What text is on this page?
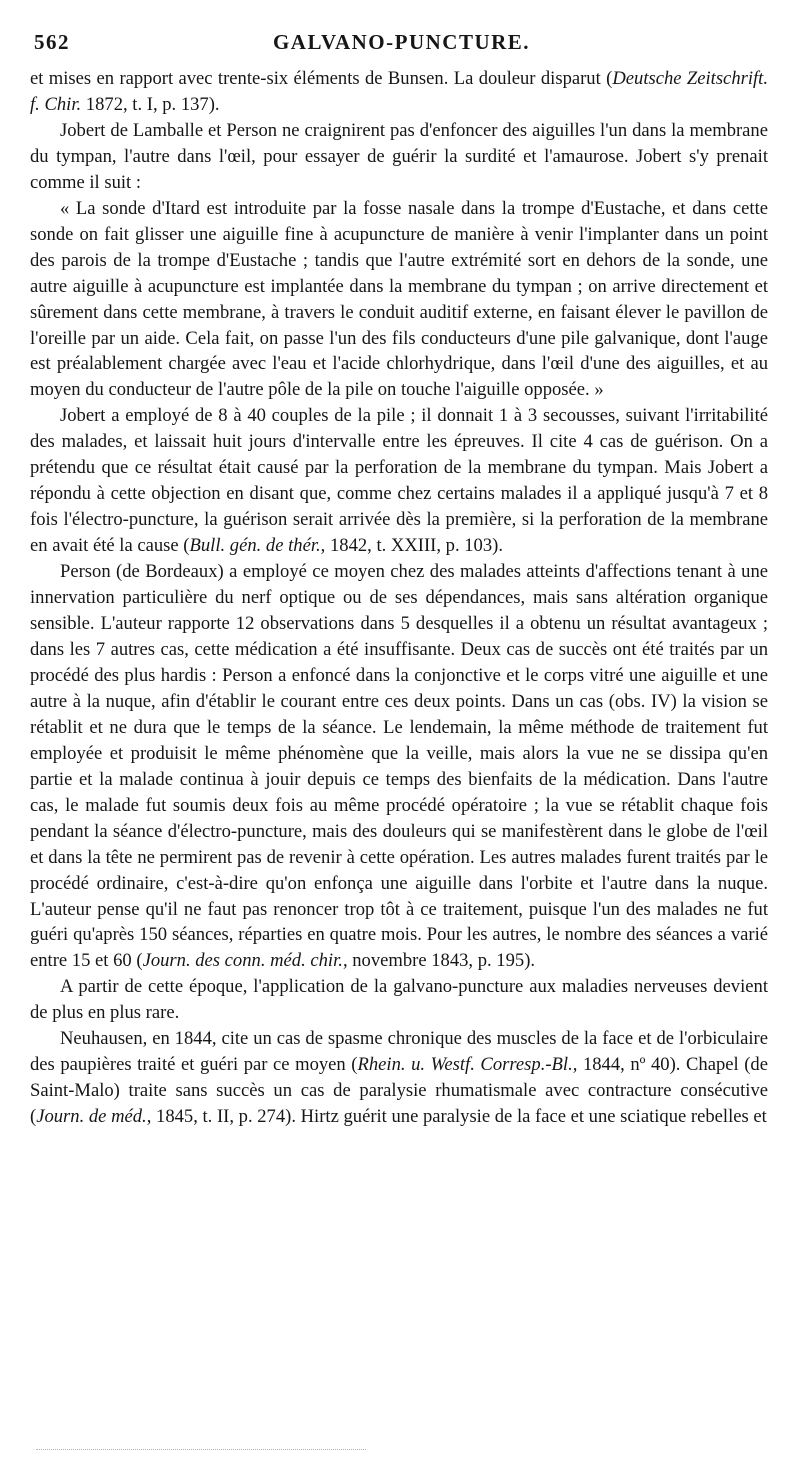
562	GALVANO-PUNCTURE.

et mises en rapport avec trente-six éléments de Bunsen. La douleur disparut (Deutsche Zeitschrift. f. Chir. 1872, t. I, p. 137).

Jobert de Lamballe et Person ne craignirent pas d'enfoncer des aiguilles l'un dans la membrane du tympan, l'autre dans l'œil, pour essayer de guérir la surdité et l'amaurose. Jobert s'y prenait comme il suit :

« La sonde d'Itard est introduite par la fosse nasale dans la trompe d'Eustache, et dans cette sonde on fait glisser une aiguille fine à acupuncture de manière à venir l'implanter dans un point des parois de la trompe d'Eustache ; tandis que l'autre extrémité sort en dehors de la sonde, une autre aiguille à acupuncture est implantée dans la membrane du tympan ; on arrive directement et sûrement dans cette membrane, à travers le conduit auditif externe, en faisant élever le pavillon de l'oreille par un aide. Cela fait, on passe l'un des fils conducteurs d'une pile galvanique, dont l'auge est préalablement chargée avec l'eau et l'acide chlorhydrique, dans l'œil d'une des aiguilles, et au moyen du conducteur de l'autre pôle de la pile on touche l'aiguille opposée. »

Jobert a employé de 8 à 40 couples de la pile ; il donnait 1 à 3 secousses, suivant l'irritabilité des malades, et laissait huit jours d'intervalle entre les épreuves. Il cite 4 cas de guérison. On a prétendu que ce résultat était causé par la perforation de la membrane du tympan. Mais Jobert a répondu à cette objection en disant que, comme chez certains malades il a appliqué jusqu'à 7 et 8 fois l'électro-puncture, la guérison serait arrivée dès la première, si la perforation de la membrane en avait été la cause (Bull. gén. de thér., 1842, t. XXIII, p. 103).

Person (de Bordeaux) a employé ce moyen chez des malades atteints d'affections tenant à une innervation particulière du nerf optique ou de ses dépendances, mais sans altération organique sensible. L'auteur rapporte 12 observations dans 5 desquelles il a obtenu un résultat avantageux ; dans les 7 autres cas, cette médication a été insuffisante. Deux cas de succès ont été traités par un procédé des plus hardis : Person a enfoncé dans la conjonctive et le corps vitré une aiguille et une autre à la nuque, afin d'établir le courant entre ces deux points. Dans un cas (obs. IV) la vision se rétablit et ne dura que le temps de la séance. Le lendemain, la même méthode de traitement fut employée et produisit le même phénomène que la veille, mais alors la vue ne se dissipa qu'en partie et la malade continua à jouir depuis ce temps des bienfaits de la médication. Dans l'autre cas, le malade fut soumis deux fois au même procédé opératoire ; la vue se rétablit chaque fois pendant la séance d'électro-puncture, mais des douleurs qui se manifestèrent dans le globe de l'œil et dans la tête ne permirent pas de revenir à cette opération. Les autres malades furent traités par le procédé ordinaire, c'est-à-dire qu'on enfonça une aiguille dans l'orbite et l'autre dans la nuque. L'auteur pense qu'il ne faut pas renoncer trop tôt à ce traitement, puisque l'un des malades ne fut guéri qu'après 150 séances, réparties en quatre mois. Pour les autres, le nombre des séances a varié entre 15 et 60 (Journ. des conn. méd. chir., novembre 1843, p. 195).

A partir de cette époque, l'application de la galvano-puncture aux maladies nerveuses devient de plus en plus rare.

Neuhausen, en 1844, cite un cas de spasme chronique des muscles de la face et de l'orbiculaire des paupières traité et guéri par ce moyen (Rhein. u. Westf. Corresp.-Bl., 1844, nº 40). Chapel (de Saint-Malo) traite sans succès un cas de paralysie rhumatismale avec contracture consécutive (Journ. de méd., 1845, t. II, p. 274). Hirtz guérit une paralysie de la face et une sciatique rebelles et
